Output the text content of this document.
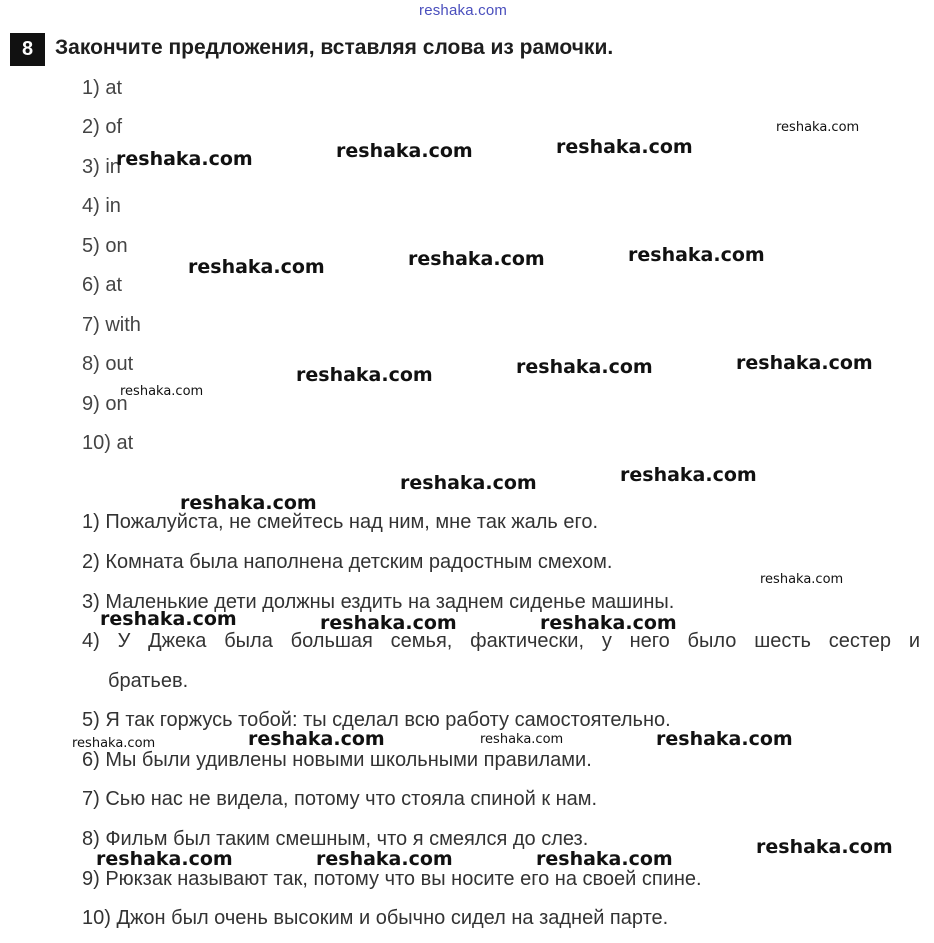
reshaka.com
8	Закончите предложения, вставляя слова из рамочки.
1) at
2) of
3) in
4) in
5) on
6) at
7) with
8) out
9) on
10) at
1) Пожалуйста, не смейтесь над ним, мне так жаль его.
2) Комната была наполнена детским радостным смехом.
3) Маленькие дети должны ездить на заднем сиденье машины.
4) У Джека была большая семья, фактически, у него было шесть сестер и
братьев.
5) Я так горжусь тобой: ты сделал всю работу самостоятельно.
6) Мы были удивлены новыми школьными правилами.
7) Сью нас не видела, потому что стояла спиной к нам.
8) Фильм был таким смешным, что я смеялся до слез.
9) Рюкзак называют так, потому что вы носите его на своей спине.
10) Джон был очень высоким и обычно сидел на задней парте.
reshaka.com
reshaka.com	reshaka.com	reshaka.com
reshaka.com	reshaka.com	reshaka.com
reshaka.com
reshaka.com	reshaka.com	reshaka.com
reshaka.com
reshaka.com	reshaka.com
reshaka.com
reshaka.com	reshaka.com	reshaka.com
reshaka.com	reshaka.com	reshaka.com	reshaka.com
reshaka.com	reshaka.com	reshaka.com
reshaka.com
